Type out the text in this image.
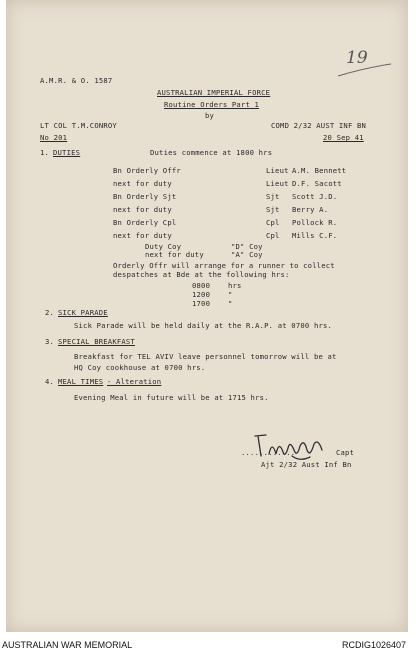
19
A.M.R. & O. 1587
AUSTRALIAN IMPERIAL FORCE
Routine Orders Part 1
by
LT COL T.M.CONROY	COMD 2/32 AUST INF BN
No 201	20 Sep 41
1. DUTIES	Duties commence at 1800 hrs
Bn Orderly Offr	Lieut A.M. Bennett
next for duty	Lieut D.F. Sacott
Bn Orderly Sjt	Sjt Scott J.D.
next for duty	Sjt Berry A.
Bn Orderly Cpl	Cpl Pollock R.
next for duty	Cpl Mills C.F.
Duty Coy	"D" Coy
next for duty	"A" Coy
Orderly Offr will arrange for a runner to collect
despatches at Bde at the following hrs:
0800 hrs
1200 "
1700 "
2. SICK PARADE
Sick Parade will be held daily at the R.A.P. at 0700 hrs.
3. SPECIAL BREAKFAST
Breakfast for TEL AVIV leave personnel tomorrow will be at
HQ Coy cookhouse at 0700 hrs.
4. MEAL TIMES - Alteration
Evening Meal in future will be at 1715 hrs.
............	Capt
Ajt 2/32 Aust Inf Bn
AUSTRALIAN WAR MEMORIAL	RCDIG1026407
